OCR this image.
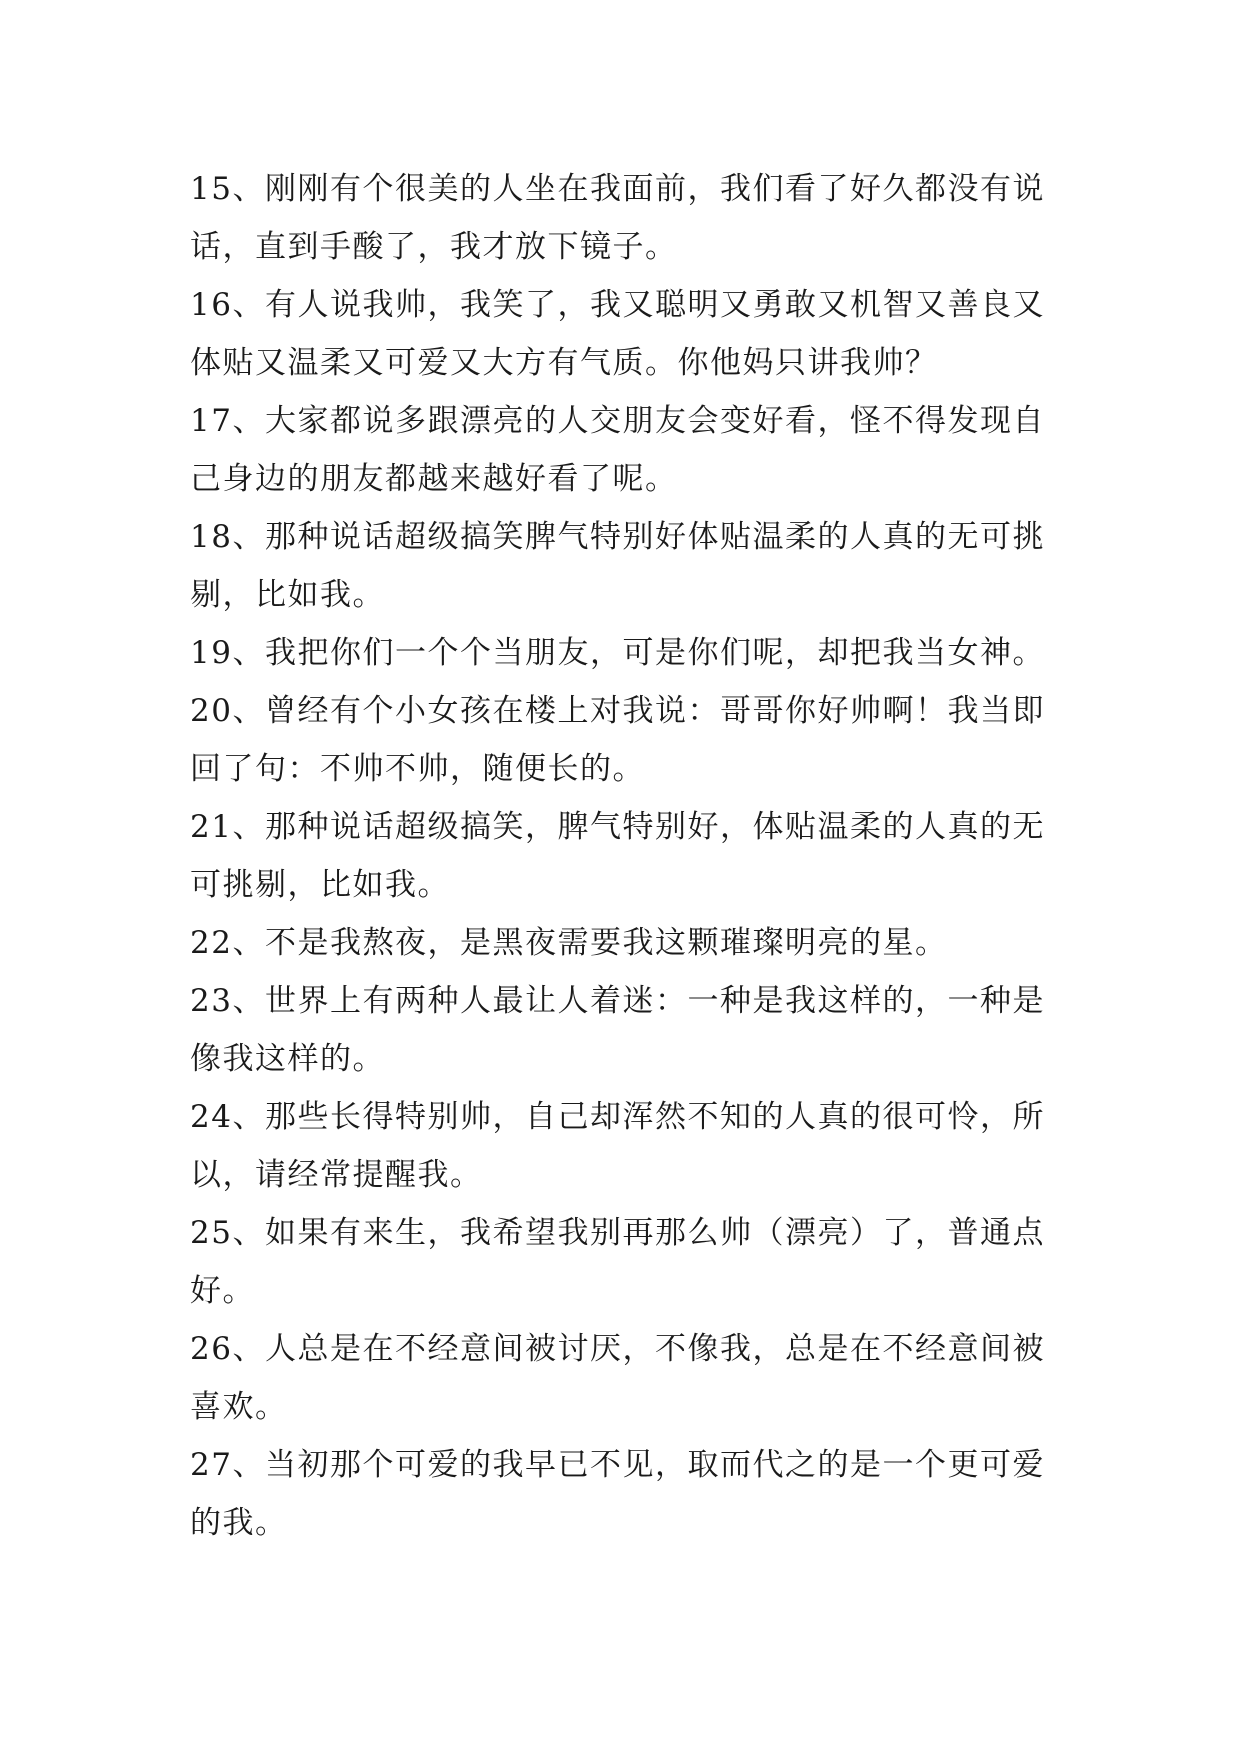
15、刚刚有个很美的人坐在我面前，我们看了好久都没有说
话，直到手酸了，我才放下镜子。
16、有人说我帅，我笑了，我又聪明又勇敢又机智又善良又
体贴又温柔又可爱又大方有气质。你他妈只讲我帅？
17、大家都说多跟漂亮的人交朋友会变好看，怪不得发现自
己身边的朋友都越来越好看了呢。
18、那种说话超级搞笑脾气特别好体贴温柔的人真的无可挑
剔，比如我。
19、我把你们一个个当朋友，可是你们呢，却把我当女神。
20、曾经有个小女孩在楼上对我说：哥哥你好帅啊！我当即
回了句：不帅不帅，随便长的。
21、那种说话超级搞笑，脾气特别好，体贴温柔的人真的无
可挑剔，比如我。
22、不是我熬夜，是黑夜需要我这颗璀璨明亮的星。
23、世界上有两种人最让人着迷：一种是我这样的，一种是
像我这样的。
24、那些长得特别帅，自己却浑然不知的人真的很可怜，所
以，请经常提醒我。
25、如果有来生，我希望我别再那么帅（漂亮）了，普通点
好。
26、人总是在不经意间被讨厌，不像我，总是在不经意间被
喜欢。
27、当初那个可爱的我早已不见，取而代之的是一个更可爱
的我。
